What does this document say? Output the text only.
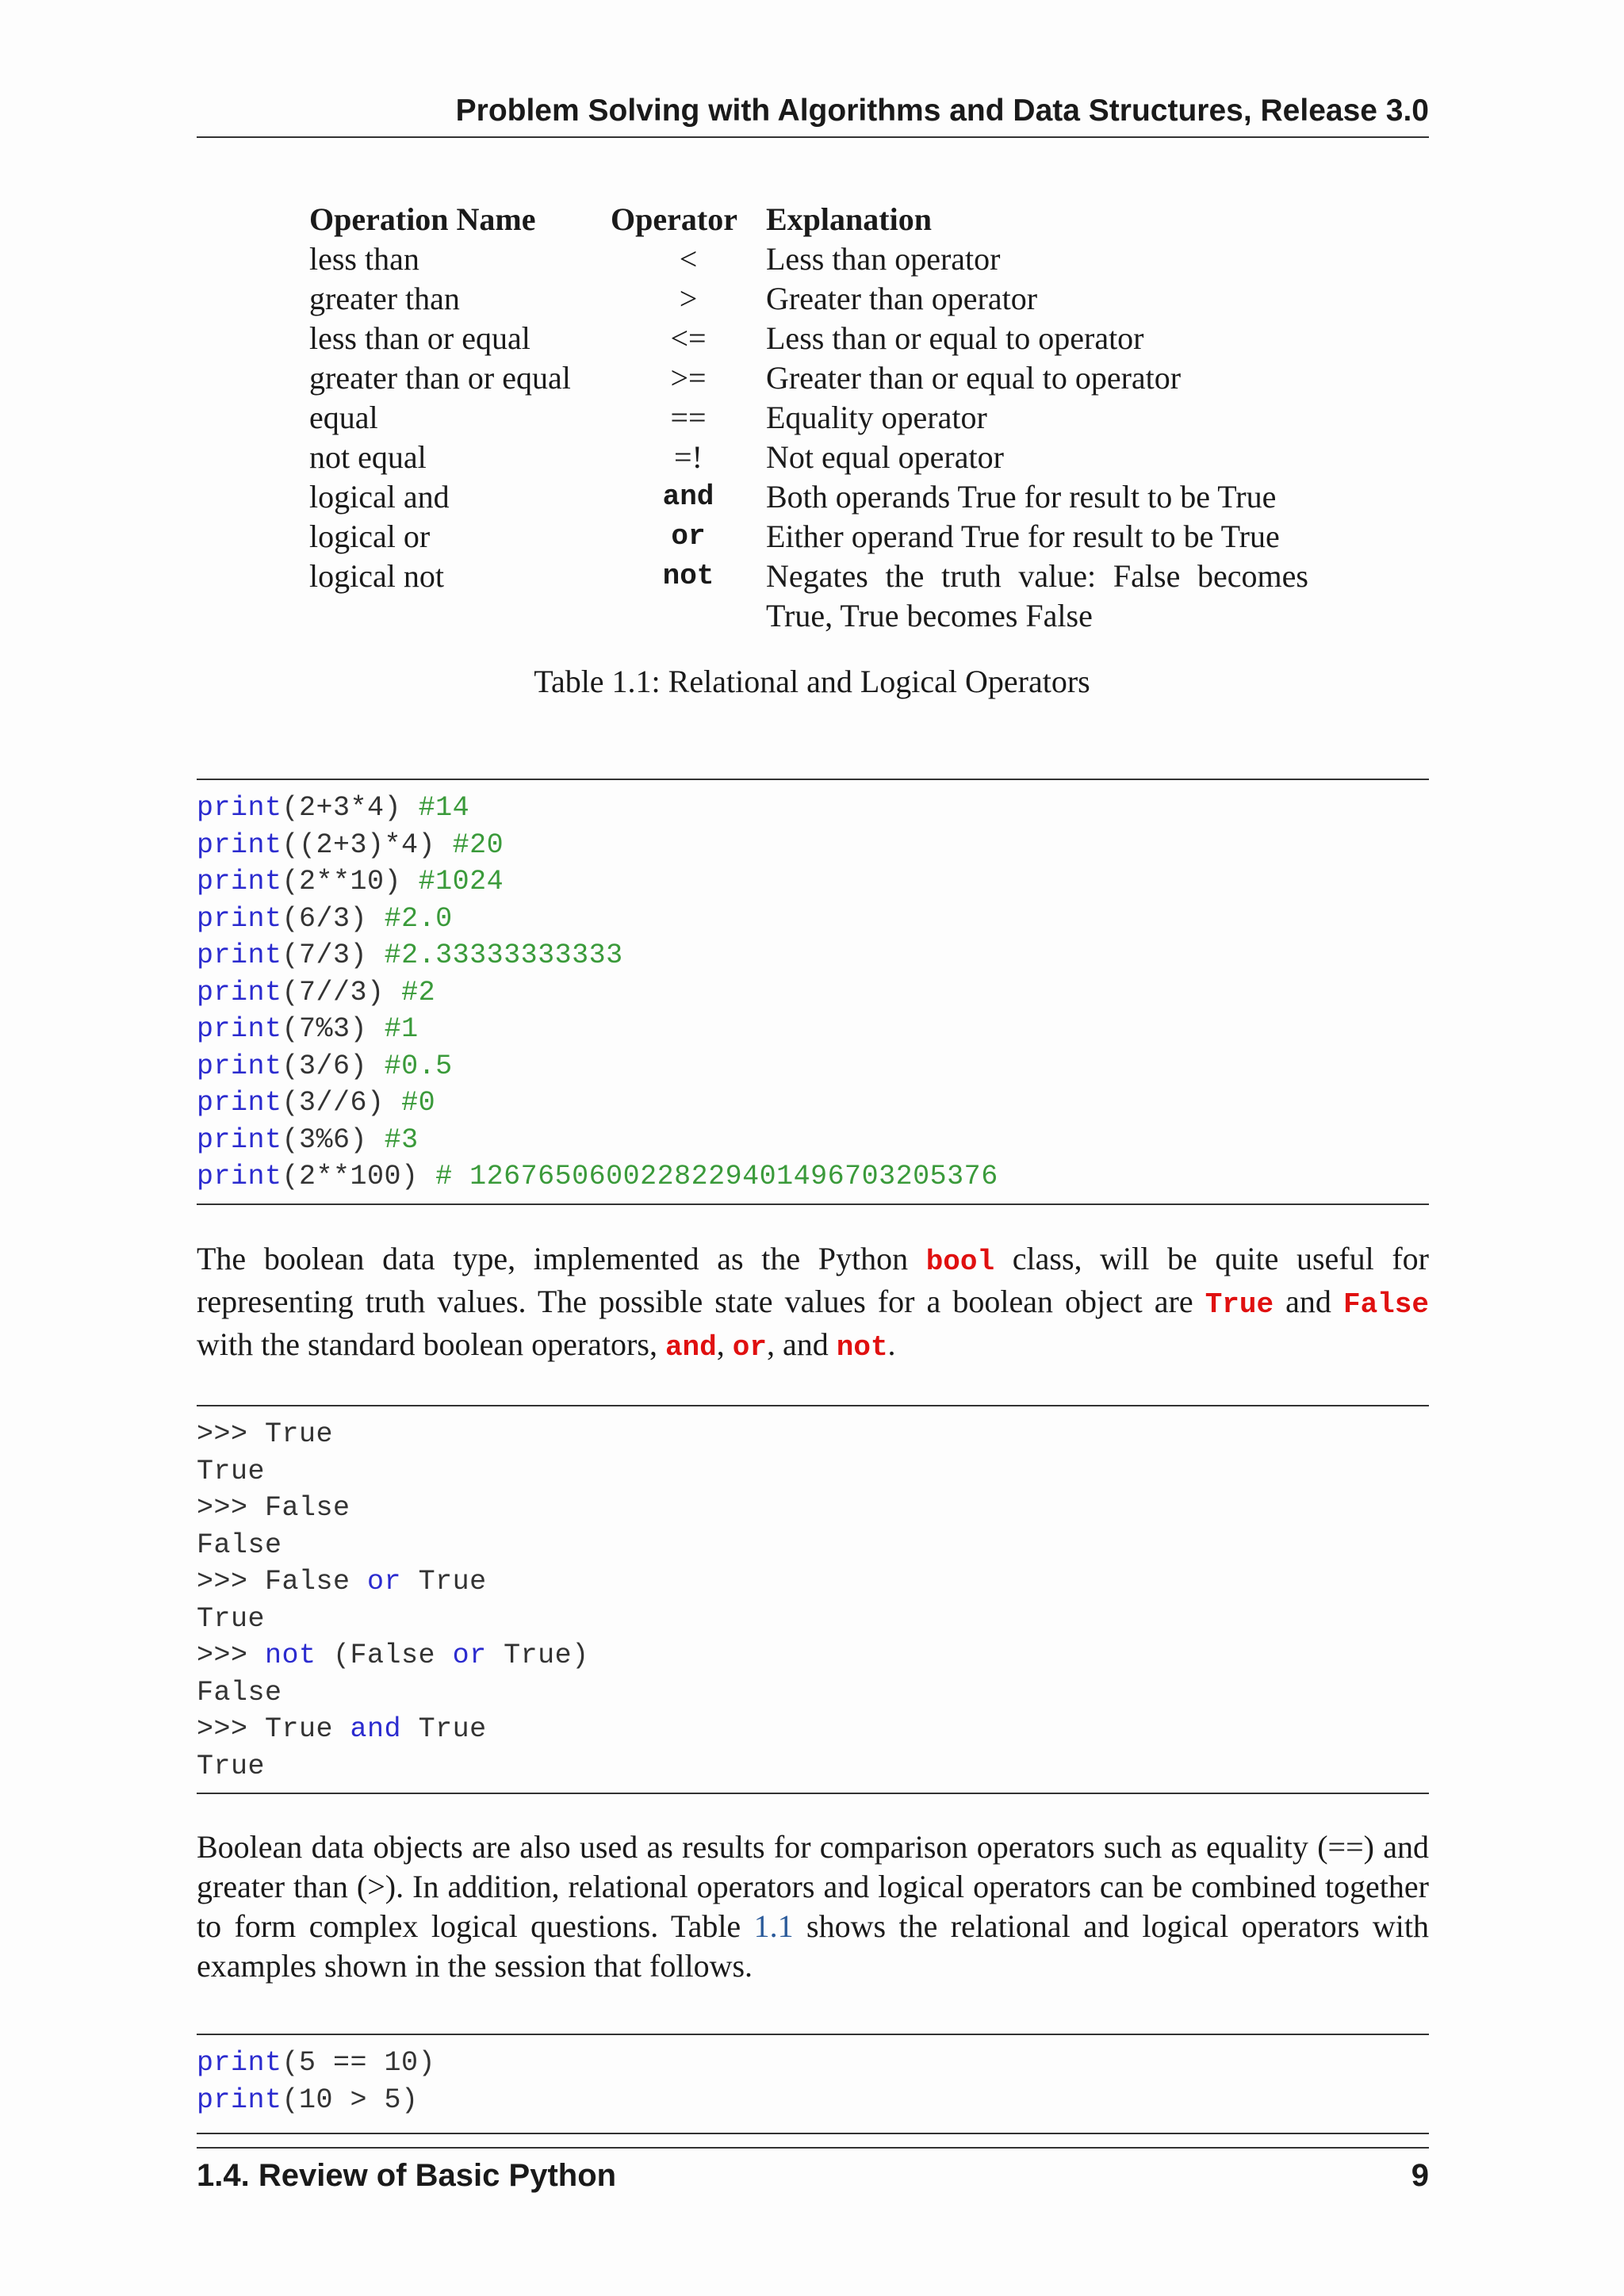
Problem Solving with Algorithms and Data Structures, Release 3.0
Operation Name	Operator	Explanation
less than	<	Less than operator
greater than	>	Greater than operator
less than or equal	<=	Less than or equal to operator
greater than or equal	>=	Greater than or equal to operator
equal	==	Equality operator
not equal	=!	Not equal operator
logical and	and	Both operands True for result to be True
logical or	or	Either operand True for result to be True
logical not	not	Negates the truth value: False becomes True, True becomes False
Table 1.1: Relational and Logical Operators
print(2+3*4) #14
print((2+3)*4) #20
print(2**10) #1024
print(6/3) #2.0
print(7/3) #2.33333333333
print(7//3) #2
print(7%3) #1
print(3/6) #0.5
print(3//6) #0
print(3%6) #3
print(2**100) # 1267650600228229401496703205376
The boolean data type, implemented as the Python bool class, will be quite useful for representing truth values. The possible state values for a boolean object are True and False with the standard boolean operators, and, or, and not.
>>> True
True
>>> False
False
>>> False or True
True
>>> not (False or True)
False
>>> True and True
True
Boolean data objects are also used as results for comparison operators such as equality (==) and greater than (>). In addition, relational operators and logical operators can be combined together to form complex logical questions. Table 1.1 shows the relational and logical operators with examples shown in the session that follows.
print(5 == 10)
print(10 > 5)
1.4. Review of Basic Python	9
